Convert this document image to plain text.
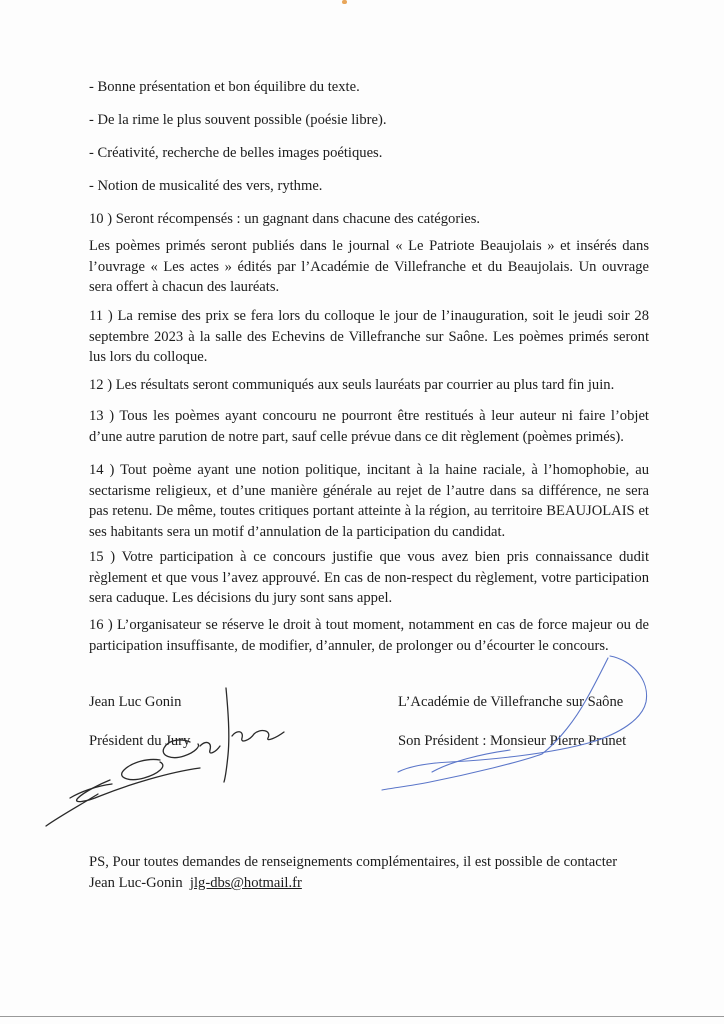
- Bonne présentation et bon équilibre du texte.

- De la rime le plus souvent possible (poésie libre).

- Créativité, recherche de belles images poétiques.

- Notion de musicalité des vers, rythme.

10 ) Seront récompensés : un gagnant dans chacune des catégories.

Les poèmes primés seront publiés dans le journal « Le Patriote Beaujolais » et insérés dans l’ouvrage « Les actes » édités par l’Académie de Villefranche et du Beaujolais. Un ouvrage sera offert à chacun des lauréats.

11 ) La remise des prix se fera lors du colloque le jour de l’inauguration, soit le jeudi soir 28 septembre 2023 à la salle des Echevins de Villefranche sur Saône. Les poèmes primés seront lus lors du colloque.

12 ) Les résultats seront communiqués aux seuls lauréats par courrier au plus tard fin juin.

13 ) Tous les poèmes ayant concouru ne pourront être restitués à leur auteur ni faire l’objet d’une autre parution de notre part, sauf celle prévue dans ce dit règlement (poèmes primés).

14 ) Tout poème ayant une notion politique, incitant à la haine raciale, à l’homophobie, au sectarisme religieux, et d’une manière générale au rejet de l’autre dans sa différence, ne sera pas retenu. De même, toutes critiques portant atteinte à la région, au territoire BEAUJOLAIS et ses habitants sera un motif d’annulation de la participation du candidat.

15 ) Votre participation à ce concours justifie que vous avez bien pris connaissance dudit règlement et que vous l’avez approuvé. En cas de non-respect du règlement, votre participation sera caduque. Les décisions du jury sont sans appel.

16 ) L’organisateur se réserve le droit à tout moment, notamment en cas de force majeur ou de participation insuffisante, de modifier, d’annuler, de prolonger ou d’écourter le concours.

Jean Luc Gonin
Président du Jury
L’Académie de Villefranche sur Saône
Son Président : Monsieur Pierre Prunet
PS, Pour toutes demandes de renseignements complémentaires, il est possible de contacter
Jean Luc-Gonin jlg-dbs@hotmail.fr
